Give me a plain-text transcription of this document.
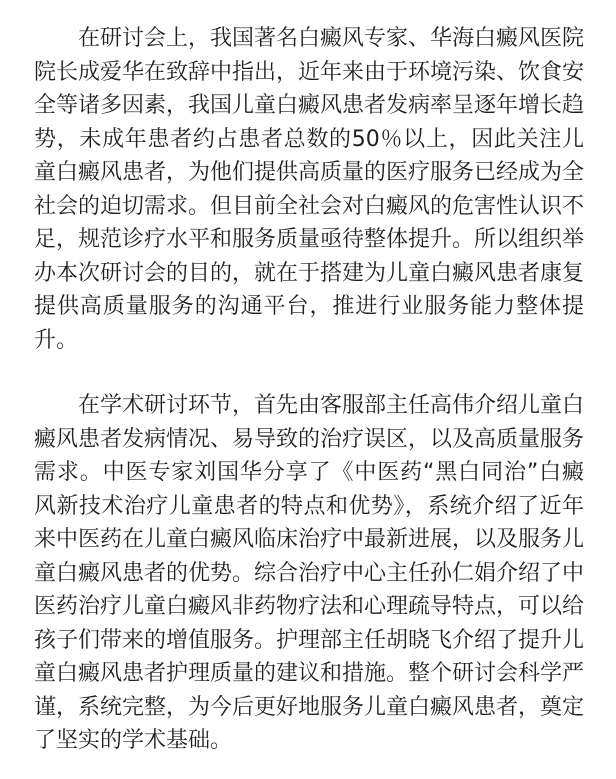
在研讨会上，我国著名白癜风专家、华海白癜风医院院长成爱华在致辞中指出，近年来由于环境污染、饮食安全等诸多因素，我国儿童白癜风患者发病率呈逐年增长趋势，未成年患者约占患者总数的50％以上，因此关注儿童白癜风患者，为他们提供高质量的医疗服务已经成为全社会的迫切需求。但目前全社会对白癜风的危害性认识不足，规范诊疗水平和服务质量亟待整体提升。所以组织举办本次研讨会的目的，就在于搭建为儿童白癜风患者康复提供高质量服务的沟通平台，推进行业服务能力整体提升。

在学术研讨环节，首先由客服部主任高伟介绍儿童白癜风患者发病情况、易导致的治疗误区，以及高质量服务需求。中医专家刘国华分享了《中医药“黑白同治”白癜风新技术治疗儿童患者的特点和优势》，系统介绍了近年来中医药在儿童白癜风临床治疗中最新进展，以及服务儿童白癜风患者的优势。综合治疗中心主任孙仁娟介绍了中医药治疗儿童白癜风非药物疗法和心理疏导特点，可以给孩子们带来的增值服务。护理部主任胡晓飞介绍了提升儿童白癜风患者护理质量的建议和措施。整个研讨会科学严谨，系统完整，为今后更好地服务儿童白癜风患者，奠定了坚实的学术基础。
